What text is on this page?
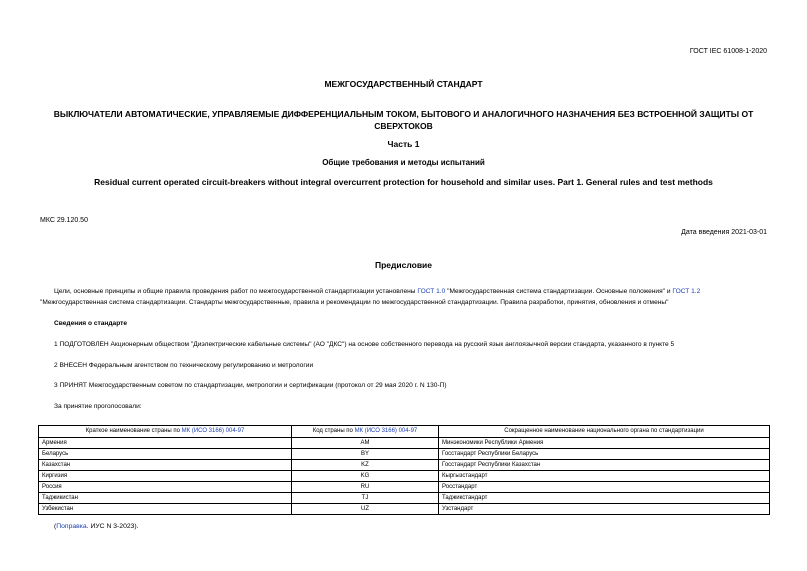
ГОСТ IEC 61008-1-2020
МЕЖГОСУДАРСТВЕННЫЙ СТАНДАРТ
ВЫКЛЮЧАТЕЛИ АВТОМАТИЧЕСКИЕ, УПРАВЛЯЕМЫЕ ДИФФЕРЕНЦИАЛЬНЫМ ТОКОМ, БЫТОВОГО И АНАЛОГИЧНОГО НАЗНАЧЕНИЯ БЕЗ ВСТРОЕННОЙ ЗАЩИТЫ ОТ СВЕРХТОКОВ
Часть 1
Общие требования и методы испытаний
Residual current operated circuit-breakers without integral overcurrent protection for household and similar uses. Part 1. General rules and test methods
МКС 29.120.50
Дата введения 2021-03-01
Предисловие
Цели, основные принципы и общие правила проведения работ по межгосударственной стандартизации установлены ГОСТ 1.0 "Межгосударственная система стандартизации. Основные положения" и ГОСТ 1.2 "Межгосударственная система стандартизации. Стандарты межгосударственные, правила и рекомендации по межгосударственной стандартизации. Правила разработки, принятия, обновления и отмены"
Сведения о стандарте
1 ПОДГОТОВЛЕН Акционерным обществом "Диэлектрические кабельные системы" (АО "ДКС") на основе собственного перевода на русский язык англоязычной версии стандарта, указанного в пункте 5
2 ВНЕСЕН Федеральным агентством по техническому регулированию и метрологии
3 ПРИНЯТ Межгосударственным советом по стандартизации, метрологии и сертификации (протокол от 29 мая 2020 г. N 130-П)
За принятие проголосовали:
Краткое наименование страны по МК (ИСО 3166) 004-97	Код страны по МК (ИСО 3166) 004-97	Сокращенное наименование национального органа по стандартизации
Армения	AM	Минэкономики Республики Армения
Беларусь	BY	Госстандарт Республики Беларусь
Казахстан	KZ	Госстандарт Республики Казахстан
Киргизия	KG	Кыргызстандарт
Россия	RU	Росстандарт
Таджикистан	TJ	Таджикстандарт
Узбекистан	UZ	Узстандарт
(Поправка. ИУС N 3-2023).
